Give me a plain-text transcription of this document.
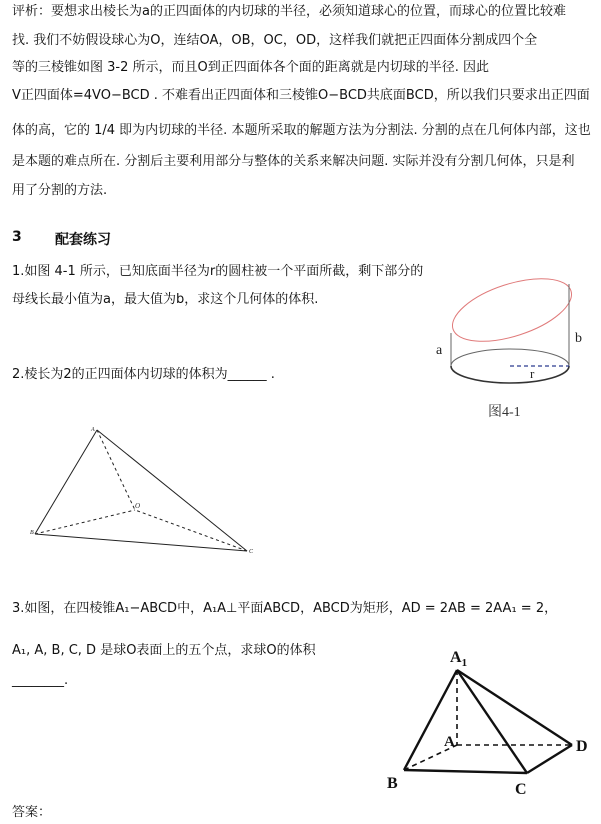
评析：要想求出棱长为a的正四面体的内切球的半径，必须知道球心的位置，而球心的位置比较难
找. 我们不妨假设球心为O，连结OA，OB，OC，OD，这样我们就把正四面体分割成四个全
等的三棱锥如图 3-2 所示，而且O到正四面体各个面的距离就是内切球的半径. 因此
V正四面体=4VO−BCD . 不难看出正四面体和三棱锥O−BCD共底面BCD，所以我们只要求出正四面
体的高，它的 1/4 即为内切球的半径. 本题所采取的解题方法为分割法. 分割的点在几何体内部，这也
是本题的难点所在. 分割后主要利用部分与整体的关系来解决问题. 实际并没有分割几何体，只是利
用了分割的方法.
3 配套练习
1.如图 4-1 所示，已知底面半径为r的圆柱被一个平面所截，剩下部分的
母线长最小值为a，最大值为b，求这个几何体的体积.
a
b
r
图4-1
2.棱长为2的正四面体内切球的体积为______ .
A
B
C
O
3.如图，在四棱锥A₁−ABCD中，A₁A⊥平面ABCD，ABCD为矩形，AD = 2AB = 2AA₁ = 2，
A₁, A, B, C, D 是球O表面上的五个点，求球O的体积
________.
$A_1$
A
B	C
D
答案：
